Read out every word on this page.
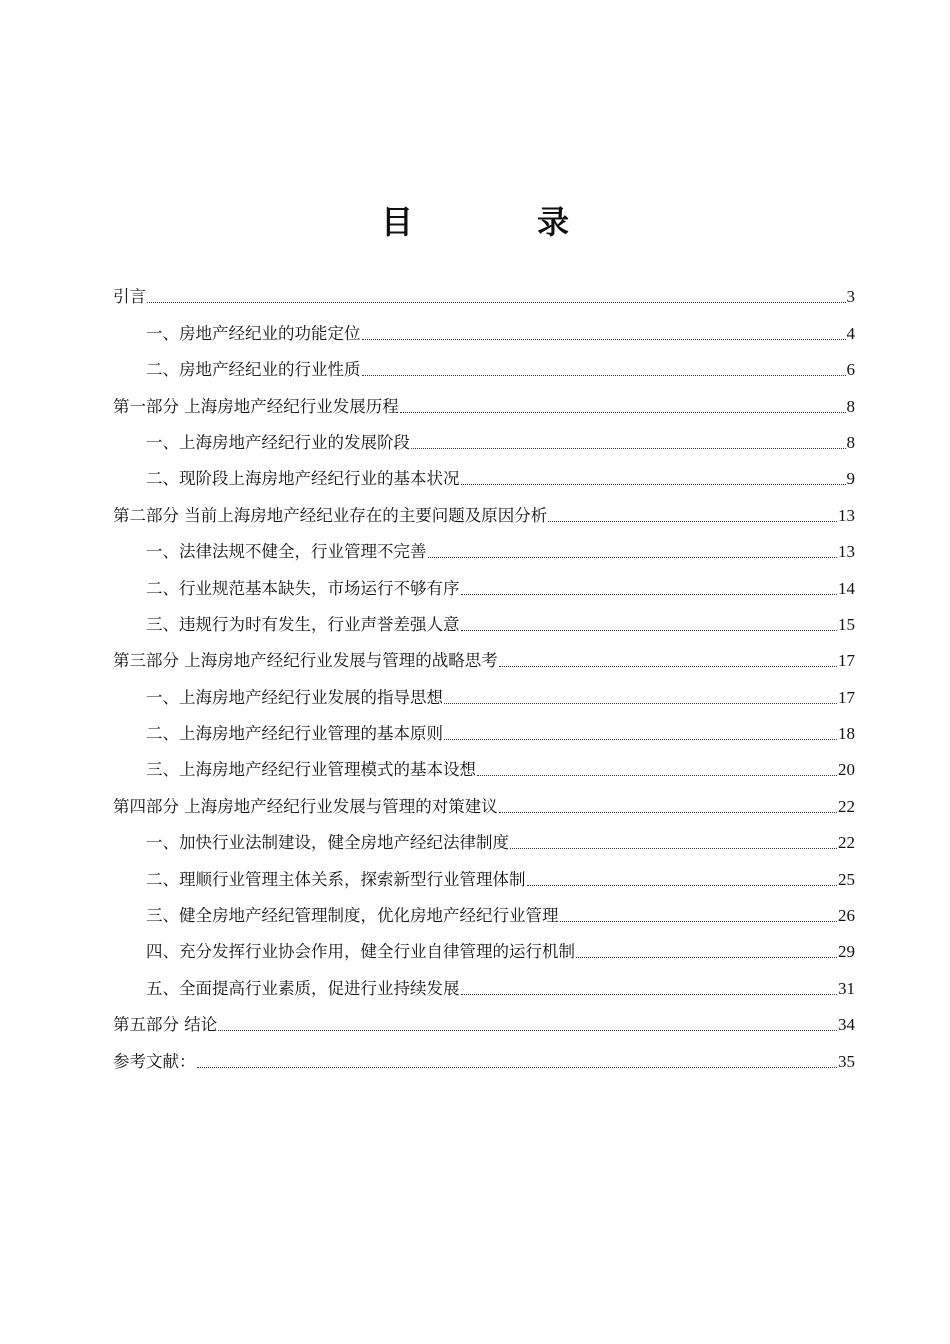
目	录
引言	3
一、房地产经纪业的功能定位	4
二、房地产经纪业的行业性质	6
第一部分 上海房地产经纪行业发展历程	8
一、上海房地产经纪行业的发展阶段	8
二、现阶段上海房地产经纪行业的基本状况	9
第二部分 当前上海房地产经纪业存在的主要问题及原因分析	13
一、法律法规不健全，行业管理不完善	13
二、行业规范基本缺失，市场运行不够有序	14
三、违规行为时有发生，行业声誉差强人意	15
第三部分 上海房地产经纪行业发展与管理的战略思考	17
一、上海房地产经纪行业发展的指导思想	17
二、上海房地产经纪行业管理的基本原则	18
三、上海房地产经纪行业管理模式的基本设想	20
第四部分 上海房地产经纪行业发展与管理的对策建议	22
一、加快行业法制建设，健全房地产经纪法律制度	22
二、理顺行业管理主体关系，探索新型行业管理体制	25
三、健全房地产经纪管理制度，优化房地产经纪行业管理	26
四、充分发挥行业协会作用，健全行业自律管理的运行机制	29
五、全面提高行业素质，促进行业持续发展	31
第五部分 结论	34
参考文献：	35
